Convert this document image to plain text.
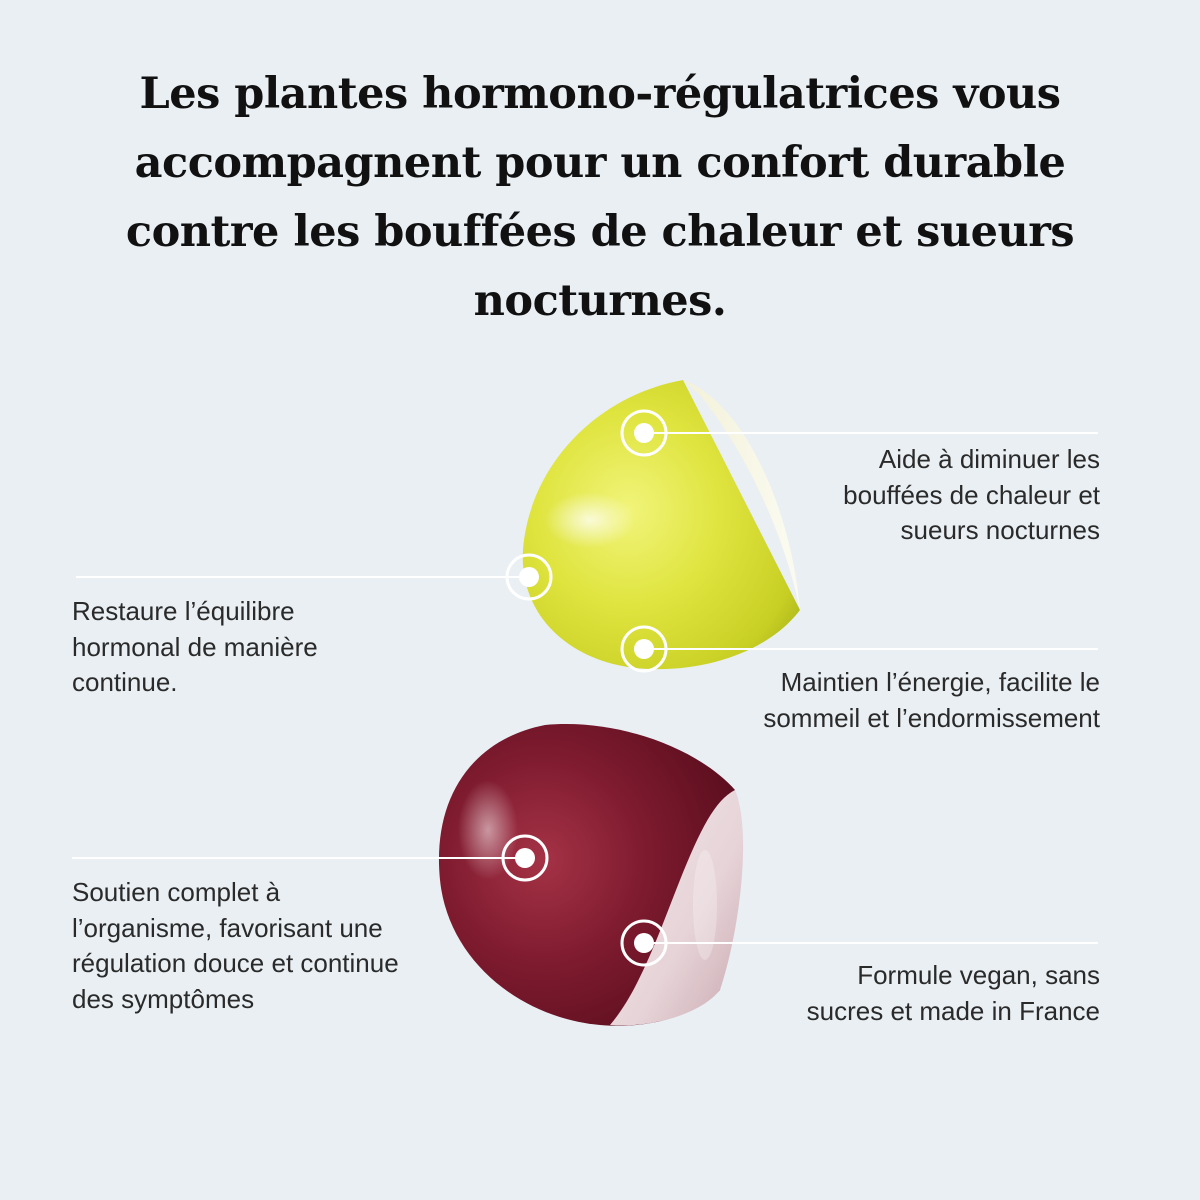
Les plantes hormono-régulatrices vous accompagnent pour un confort durable contre les bouffées de chaleur et sueurs nocturnes.

Aide à diminuer les bouffées de chaleur et sueurs nocturnes

Restaure l’équilibre hormonal de manière continue.	Maintien l’énergie, facilite le sommeil et l’endormissement

Soutien complet à l’organisme, favorisant une régulation douce et continue des symptômes

Formule vegan, sans sucres et made in France
